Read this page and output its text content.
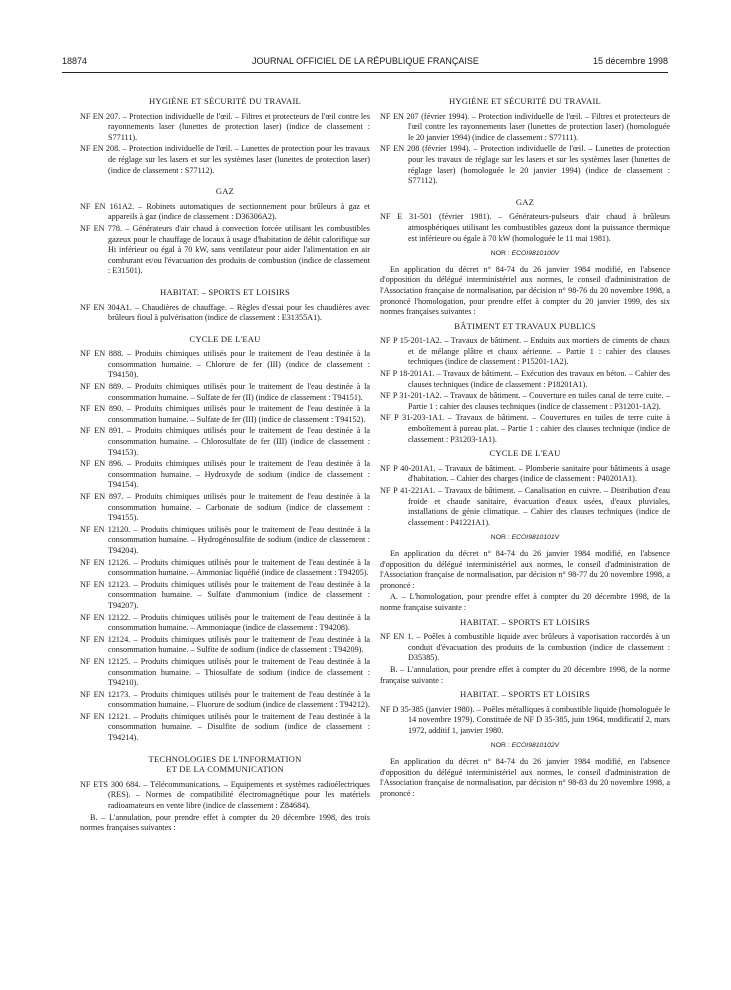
18874	JOURNAL OFFICIEL DE LA RÉPUBLIQUE FRANÇAISE	15 décembre 1998
HYGIÈNE ET SÉCURITÉ DU TRAVAIL

NF EN 207. – Protection individuelle de l'œil. – Filtres et protecteurs de l'œil contre les rayonnements laser (lunettes de protection laser) (indice de classement : S77111).

NF EN 208. – Protection individuelle de l'œil. – Lunettes de protection pour les travaux de réglage sur les lasers et sur les systèmes laser (lunettes de protection laser) (indice de classement : S77112).

GAZ

NF EN 161A2. – Robinets automatiques de sectionnement pour brûleurs à gaz et appareils à gaz (indice de classement : D36306A2).

NF EN 778. – Générateurs d'air chaud à convection forcée utilisant les combustibles gazeux pour le chauffage de locaux à usage d'habitation de débit calorifique sur Hi inférieur ou égal à 70 kW, sans ventilateur pour aider l'alimentation en air comburant et/ou l'évacuation des produits de combustion (indice de classement : E31501).

HABITAT. – SPORTS ET LOISIRS

NF EN 304A1. – Chaudières de chauffage. – Règles d'essai pour les chaudières avec brûleurs fioul à pulvérisation (indice de classement : E31355A1).

CYCLE DE L'EAU

NF EN 888. – Produits chimiques utilisés pour le traitement de l'eau destinée à la consommation humaine. – Chlorure de fer (III) (indice de classement : T94150).

NF EN 889. – Produits chimiques utilisés pour le traitement de l'eau destinée à la consommation humaine. – Sulfate de fer (II) (indice de classement : T94151).

NF EN 890. – Produits chimiques utilisés pour le traitement de l'eau destinée à la consommation humaine. – Sulfate de fer (III) (indice de classement : T94152).

NF EN 891. – Produits chimiques utilisés pour le traitement de l'eau destinée à la consommation humaine. – Chlorosulfate de fer (III) (indice de classement : T94153).

NF EN 896. – Produits chimiques utilisés pour le traitement de l'eau destinée à la consommation humaine. – Hydroxyde de sodium (indice de classement : T94154).

NF EN 897. – Produits chimiques utilisés pour le traitement de l'eau destinée à la consommation humaine. – Carbonate de sodium (indice de classement : T94155).

NF EN 12120. – Produits chimiques utilisés pour le traitement de l'eau destinée à la consommation humaine. – Hydrogénosulfite de sodium (indice de classement : T94204).

NF EN 12126. – Produits chimiques utilisés pour le traitement de l'eau destinée à la consommation humaine. – Ammoniac liquéfié (indice de classement : T94205).

NF EN 12123. – Produits chimiques utilisés pour le traitement de l'eau destinée à la consommation humaine. – Sulfate d'ammonium (indice de classement : T94207).

NF EN 12122. – Produits chimiques utilisés pour le traitement de l'eau destinée à la consommation humaine. – Ammoniaque (indice de classement : T94208).

NF EN 12124. – Produits chimiques utilisés pour le traitement de l'eau destinée à la consommation humaine. – Sulfite de sodium (indice de classement : T94209).

NF EN 12125. – Produits chimiques utilisés pour le traitement de l'eau destinée à la consommation humaine. – Thiosulfate de sodium (indice de classement : T94210).

NF EN 12173. – Produits chimiques utilisés pour le traitement de l'eau destinée à la consommation humaine. – Fluorure de sodium (indice de classement : T94212).

NF EN 12121. – Produits chimiques utilisés pour le traitement de l'eau destinée à la consommation humaine. – Disulfite de sodium (indice de classement : T94214).

TECHNOLOGIES DE L'INFORMATION
ET DE LA COMMUNICATION

NF ETS 300 684. – Télécommunications. – Equipements et systèmes radioélectriques (RES). – Normes de compatibilité électromagnétique pour les matériels radioamateurs en vente libre (indice de classement : Z84684).

B. – L'annulation, pour prendre effet à compter du 20 décembre 1998, des trois normes françaises suivantes :

HYGIÈNE ET SÉCURITÉ DU TRAVAIL

NF EN 207 (février 1994). – Protection individuelle de l'œil. – Filtres et protecteurs de l'œil contre les rayonnements laser (lunettes de protection laser) (homologuée le 20 janvier 1994) (indice de classement : S77111).

NF EN 208 (février 1994). – Protection individuelle de l'œil. – Lunettes de protection pour les travaux de réglage sur les lasers et sur les systèmes laser (lunettes de réglage laser) (homologuée le 20 janvier 1994) (indice de classement : S77112).

GAZ

NF E 31-501 (février 1981). – Générateurs-pulseurs d'air chaud à brûleurs atmosphériques utilisant les combustibles gazeux dont la puissance thermique est inférieure ou égale à 70 kW (homologuée le 11 mai 1981).

NOR : ECOI9810100V

En application du décret n° 84-74 du 26 janvier 1984 modifié, en l'absence d'opposition du délégué interministériel aux normes, le conseil d'administration de l'Association française de normalisation, par décision n° 98-76 du 20 novembre 1998, a prononcé l'homologation, pour prendre effet à compter du 20 janvier 1999, des six normes françaises suivantes :

BÂTIMENT ET TRAVAUX PUBLICS

NF P 15-201-1A2. – Travaux de bâtiment. – Enduits aux mortiers de ciments de chaux et de mélange plâtre et chaux aérienne. – Partie 1 : cahier des clauses techniques (indice de classement : P15201-1A2).

NF P 18-201A1. – Travaux de bâtiment. – Exécution des travaux en béton. – Cahier des clauses techniques (indice de classement : P18201A1).

NF P 31-201-1A2. – Travaux de bâtiment. – Couverture en tuiles canal de terre cuite. – Partie 1 : cahier des clauses techniques (indice de classement : P31201-1A2).

NF P 31-203-1A1. – Travaux de bâtiment. – Couvertures en tuiles de terre cuite à emboîtement à pureau plat. – Partie 1 : cahier des clauses technique (indice de classement : P31203-1A1).

CYCLE DE L'EAU

NF P 40-201A1. – Travaux de bâtiment. – Plomberie sanitaire pour bâtiments à usage d'habitation. – Cahier des charges (indice de classement : P40201A1).

NF P 41-221A1. – Travaux de bâtiment. – Canalisation en cuivre. – Distribution d'eau froide et chaude sanitaire, évacuation d'eaux usées, d'eaux pluviales, installations de génie climatique. – Cahier des clauses techniques (indice de classement : P41221A1).

NOR : ECOI9810101V

En application du décret n° 84-74 du 26 janvier 1984 modifié, en l'absence d'opposition du délégué interministériel aux normes, le conseil d'administration de l'Association française de normalisation, par décision n° 98-77 du 20 novembre 1998, a prononcé :

A. – L'homologation, pour prendre effet à compter du 20 décembre 1998, de la norme française suivante :

HABITAT. – SPORTS ET LOISIRS

NF EN 1. – Poêles à combustible liquide avec brûleurs à vaporisation raccordés à un conduit d'évacuation des produits de la combustion (indice de classement : D35385).

B. – L'annulation, pour prendre effet à compter du 20 décembre 1998, de la norme française suivante :

HABITAT. – SPORTS ET LOISIRS

NF D 35-385 (janvier 1980). – Poêles métalliques à combustible liquide (homologuée le 14 novembre 1979). Constituée de NF D 35-385, juin 1964, modificatif 2, mars 1972, additif 1, janvier 1980.

NOR : ECOI9810102V

En application du décret n° 84-74 du 26 janvier 1984 modifié, en l'absence d'opposition du délégué interministériel aux normes, le conseil d'administration de l'Association française de normalisation, par décision n° 98-83 du 20 novembre 1998, a prononcé :
